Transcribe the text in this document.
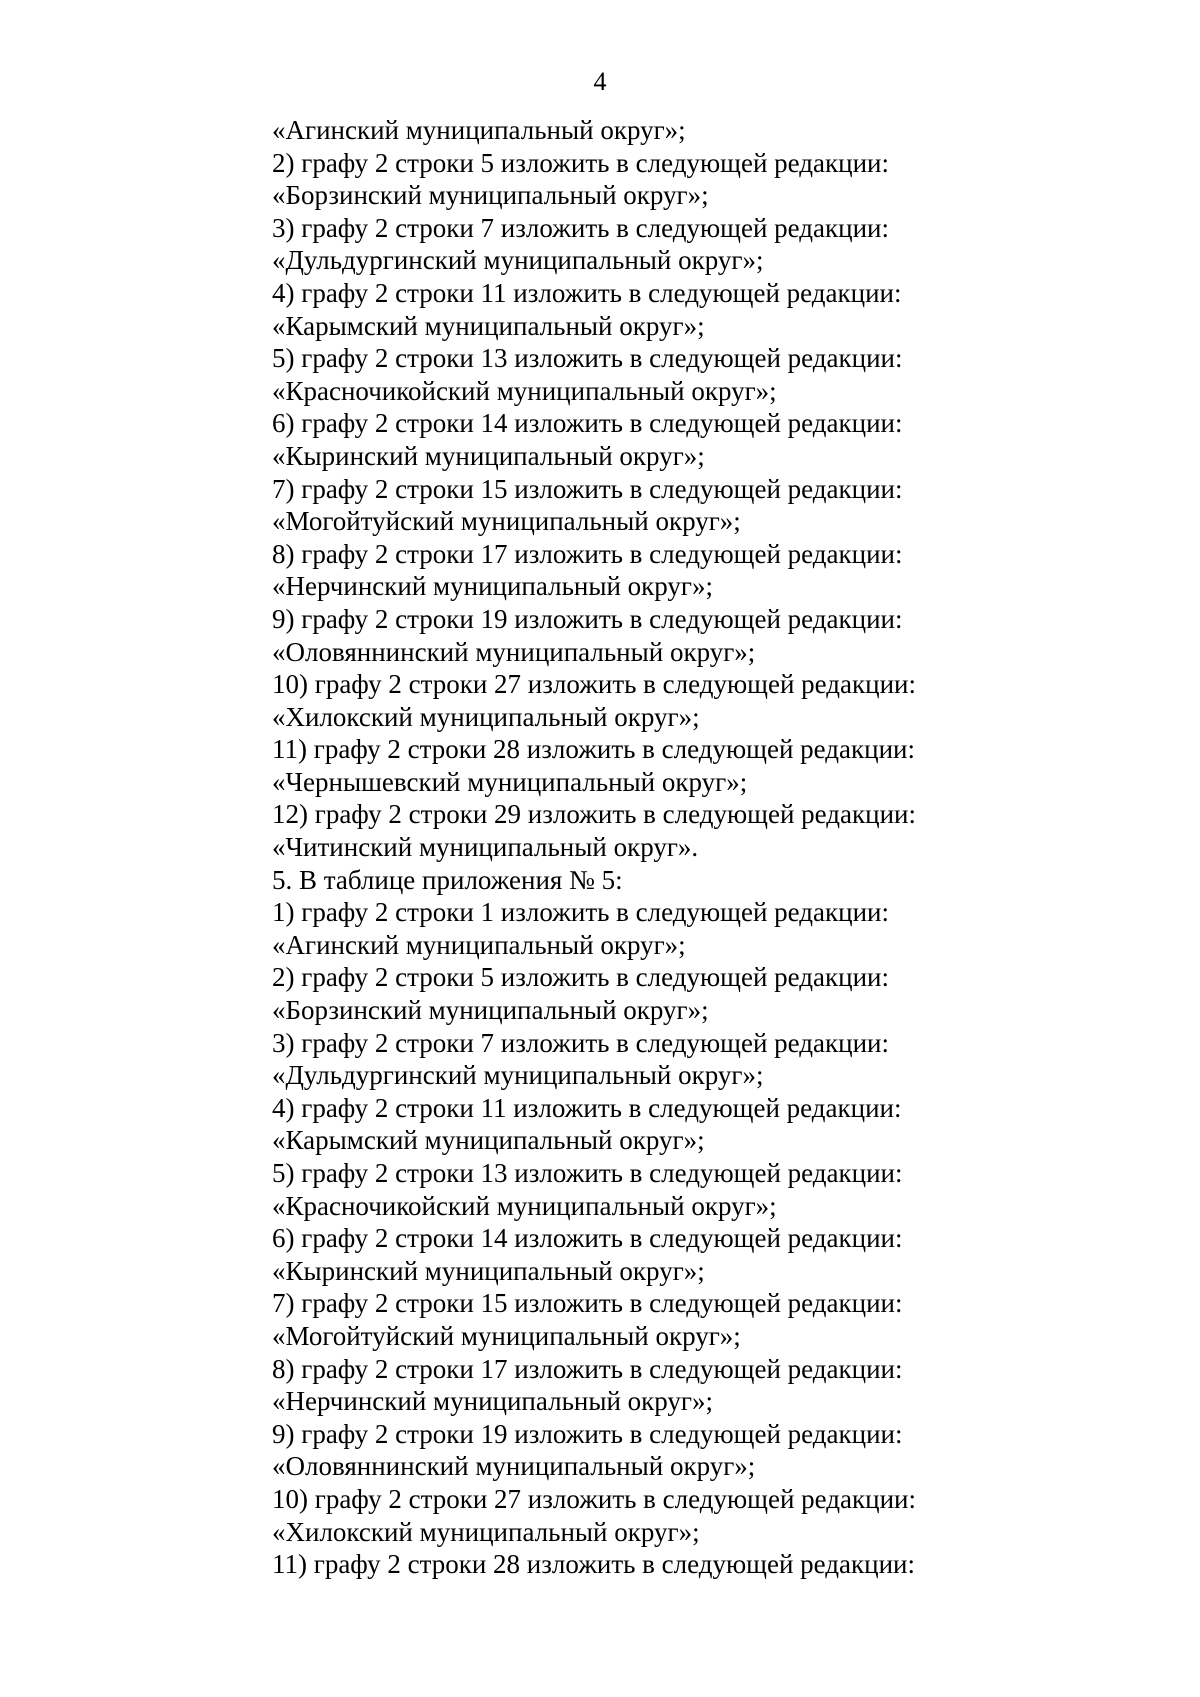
4
«Агинский муниципальный округ»;
2) графу 2 строки 5 изложить в следующей редакции:
«Борзинский муниципальный округ»;
3) графу 2 строки 7 изложить в следующей редакции:
«Дульдургинский муниципальный округ»;
4) графу 2 строки 11 изложить в следующей редакции:
«Карымский муниципальный округ»;
5) графу 2 строки 13 изложить в следующей редакции:
«Красночикойский муниципальный округ»;
6) графу 2 строки 14 изложить в следующей редакции:
«Кыринский муниципальный округ»;
7) графу 2 строки 15 изложить в следующей редакции:
«Могойтуйский муниципальный округ»;
8) графу 2 строки 17 изложить в следующей редакции:
«Нерчинский муниципальный округ»;
9) графу 2 строки 19 изложить в следующей редакции:
«Оловяннинский муниципальный округ»;
10) графу 2 строки 27 изложить в следующей редакции:
«Хилокский муниципальный округ»;
11) графу 2 строки 28 изложить в следующей редакции:
«Чернышевский муниципальный округ»;
12) графу 2 строки 29 изложить в следующей редакции:
«Читинский муниципальный округ».
5. В таблице приложения № 5:
1) графу 2 строки 1 изложить в следующей редакции:
«Агинский муниципальный округ»;
2) графу 2 строки 5 изложить в следующей редакции:
«Борзинский муниципальный округ»;
3) графу 2 строки 7 изложить в следующей редакции:
«Дульдургинский муниципальный округ»;
4) графу 2 строки 11 изложить в следующей редакции:
«Карымский муниципальный округ»;
5) графу 2 строки 13 изложить в следующей редакции:
«Красночикойский муниципальный округ»;
6) графу 2 строки 14 изложить в следующей редакции:
«Кыринский муниципальный округ»;
7) графу 2 строки 15 изложить в следующей редакции:
«Могойтуйский муниципальный округ»;
8) графу 2 строки 17 изложить в следующей редакции:
«Нерчинский муниципальный округ»;
9) графу 2 строки 19 изложить в следующей редакции:
«Оловяннинский муниципальный округ»;
10) графу 2 строки 27 изложить в следующей редакции:
«Хилокский муниципальный округ»;
11) графу 2 строки 28 изложить в следующей редакции:
